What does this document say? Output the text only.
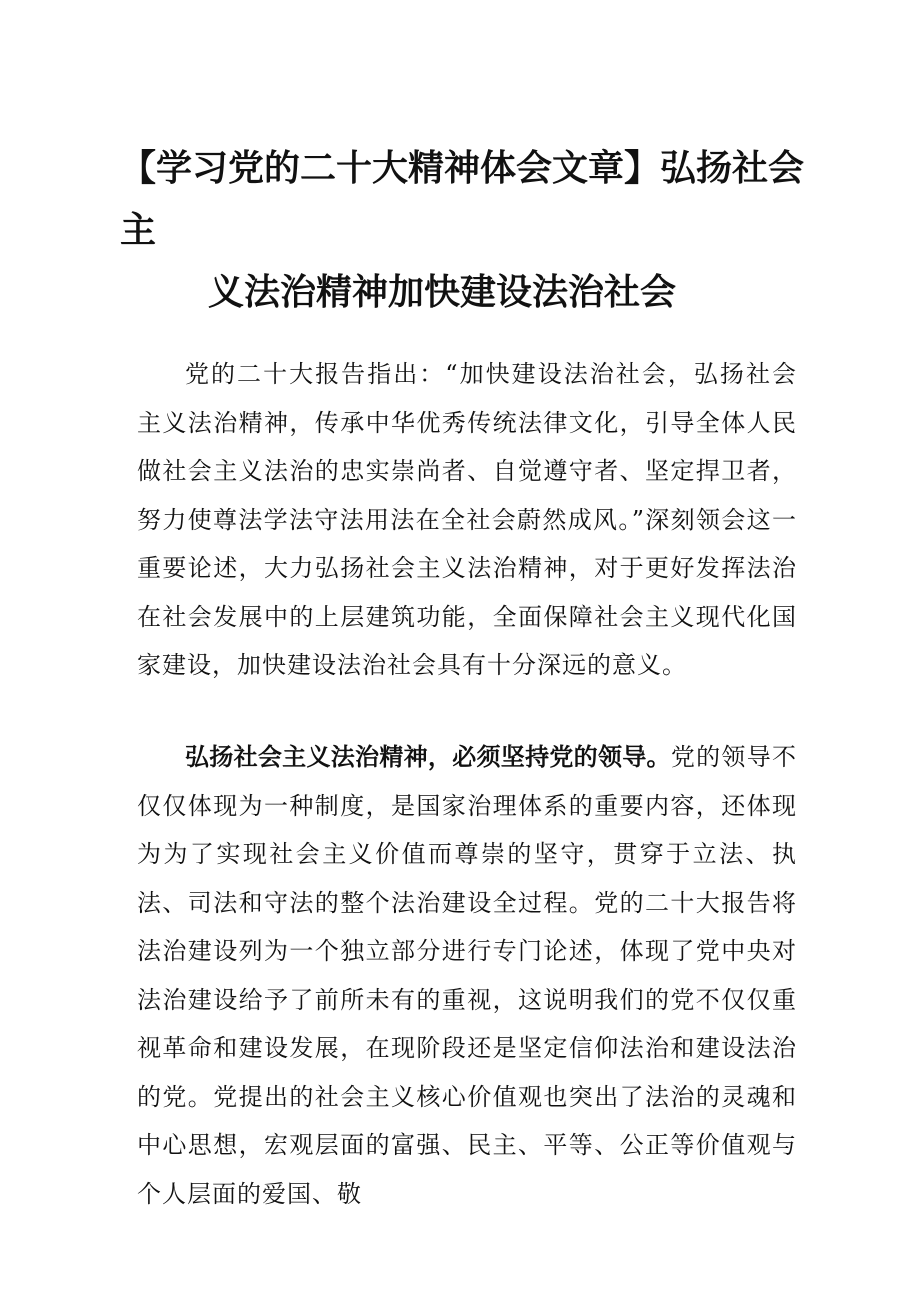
【学习党的二十大精神体会文章】弘扬社会主
义法治精神加快建设法治社会

党的二十大报告指出：“加快建设法治社会，弘扬社会主义法治精神，传承中华优秀传统法律文化，引导全体人民做社会主义法治的忠实崇尚者、自觉遵守者、坚定捍卫者，努力使尊法学法守法用法在全社会蔚然成风。”深刻领会这一重要论述，大力弘扬社会主义法治精神，对于更好发挥法治在社会发展中的上层建筑功能，全面保障社会主义现代化国家建设，加快建设法治社会具有十分深远的意义。

弘扬社会主义法治精神，必须坚持党的领导。党的领导不仅仅体现为一种制度，是国家治理体系的重要内容，还体现为为了实现社会主义价值而尊崇的坚守，贯穿于立法、执法、司法和守法的整个法治建设全过程。党的二十大报告将法治建设列为一个独立部分进行专门论述，体现了党中央对法治建设给予了前所未有的重视，这说明我们的党不仅仅重视革命和建设发展，在现阶段还是坚定信仰法治和建设法治的党。党提出的社会主义核心价值观也突出了法治的灵魂和中心思想，宏观层面的富强、民主、平等、公正等价值观与个人层面的爱国、敬
